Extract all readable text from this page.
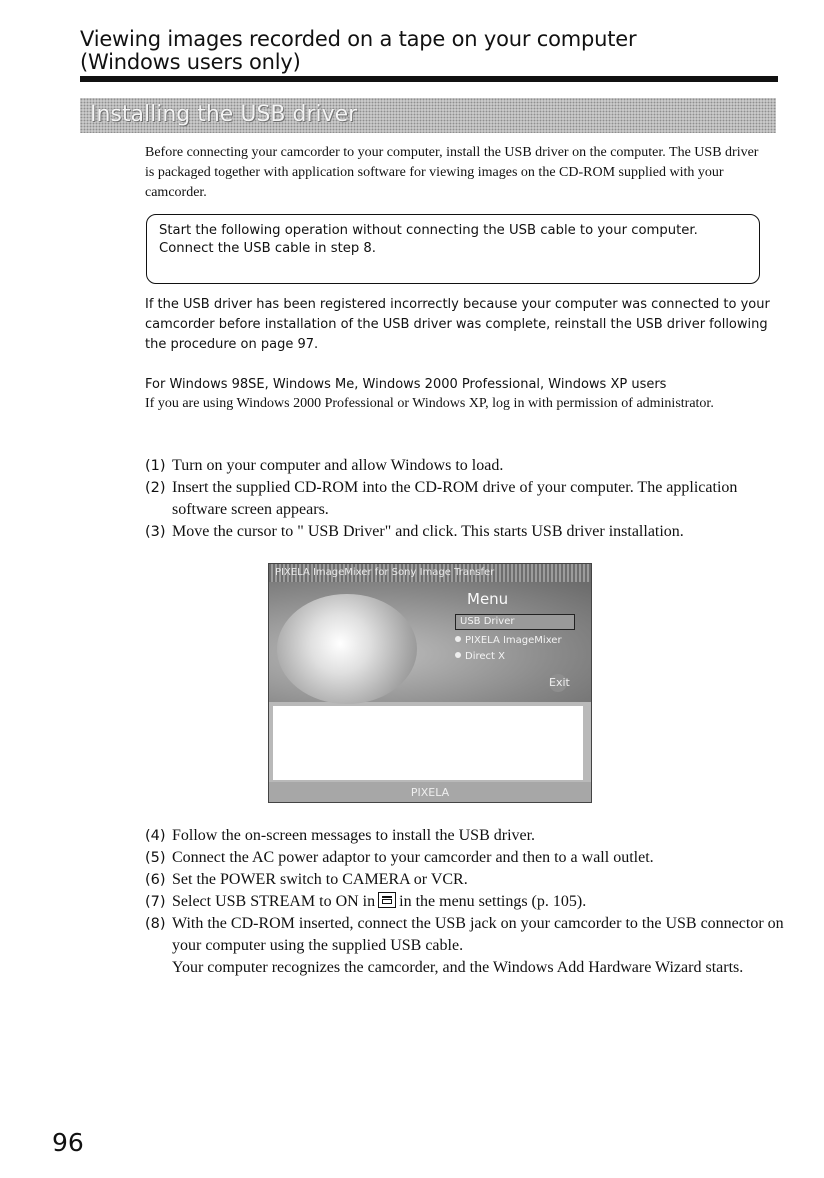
Viewing images recorded on a tape on your computer
(Windows users only)
Installing the USB driver
Before connecting your camcorder to your computer, install the USB driver on the computer. The USB driver is packaged together with application software for viewing images on the CD-ROM supplied with your camcorder.

Start the following operation without connecting the USB cable to your computer.

Connect the USB cable in step 8.

If the USB driver has been registered incorrectly because your computer was connected to your camcorder before installation of the USB driver was complete, reinstall the USB driver following the procedure on page 97.
For Windows 98SE, Windows Me, Windows 2000 Professional, Windows XP users
If you are using Windows 2000 Professional or Windows XP, log in with permission of administrator.
(1) Turn on your computer and allow Windows to load.
(2) Insert the supplied CD-ROM into the CD-ROM drive of your computer. The application software screen appears.
(3) Move the cursor to " USB Driver" and click. This starts USB driver installation.
PIXELA ImageMixer for Sony Image Transfer
Menu
USB Driver
PIXELA ImageMixer
Direct X
Exit
PIXELA
(4) Follow the on-screen messages to install the USB driver.
(5) Connect the AC power adaptor to your camcorder and then to a wall outlet.
(6) Set the POWER switch to CAMERA or VCR.
(7) Select USB STREAM to ON in in the menu settings (p. 105).
(8) With the CD-ROM inserted, connect the USB jack on your camcorder to the USB connector on your computer using the supplied USB cable.
Your computer recognizes the camcorder, and the Windows Add Hardware Wizard starts.
96
